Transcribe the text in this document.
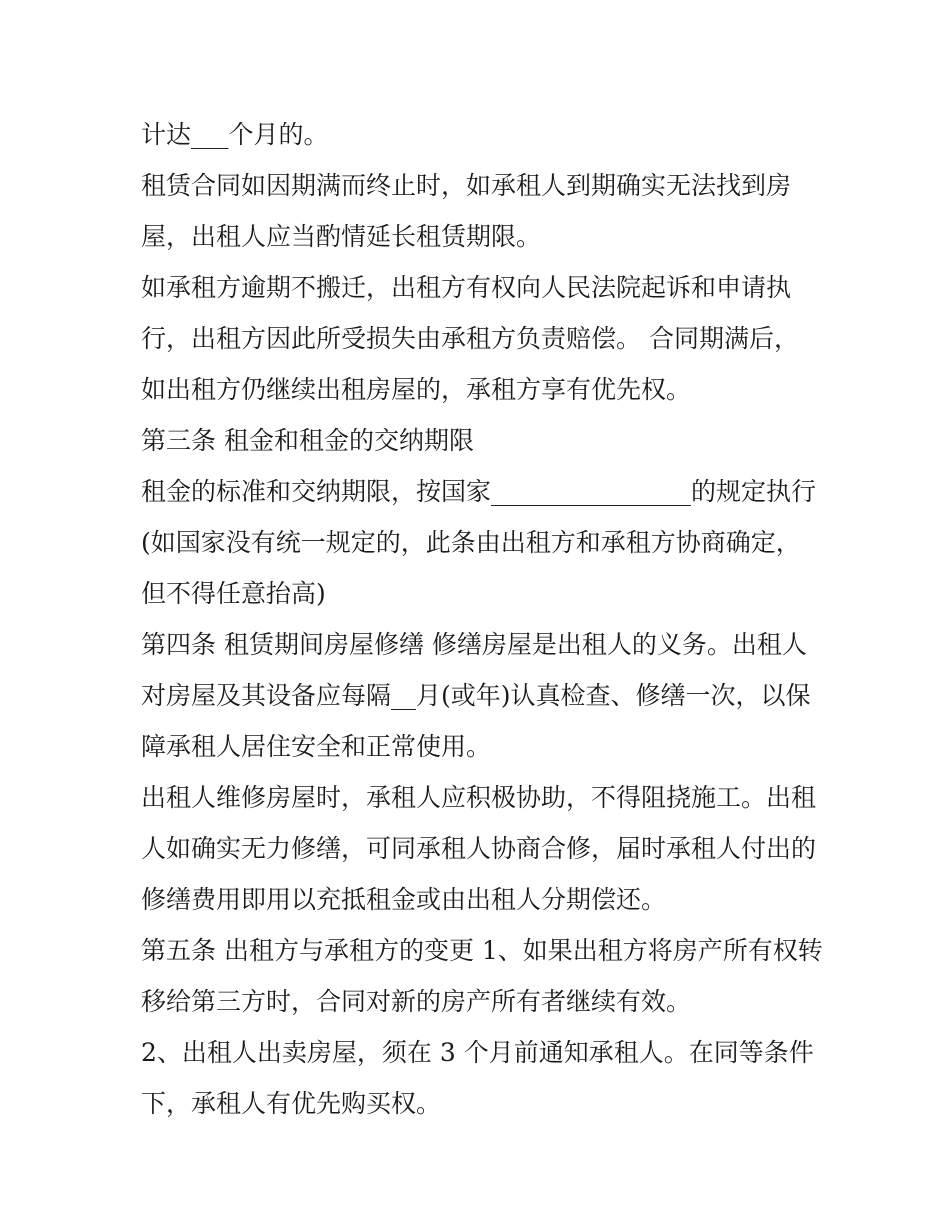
计达___个月的。
租赁合同如因期满而终止时，如承租人到期确实无法找到房
屋，出租人应当酌情延长租赁期限。
如承租方逾期不搬迁，出租方有权向人民法院起诉和申请执
行，出租方因此所受损失由承租方负责赔偿。 合同期满后，
如出租方仍继续出租房屋的，承租方享有优先权。
第三条 租金和租金的交纳期限
租金的标准和交纳期限，按国家________________的规定执行
(如国家没有统一规定的，此条由出租方和承租方协商确定，
但不得任意抬高)
第四条 租赁期间房屋修缮 修缮房屋是出租人的义务。出租人
对房屋及其设备应每隔__月(或年)认真检查、修缮一次，以保
障承租人居住安全和正常使用。
出租人维修房屋时，承租人应积极协助，不得阻挠施工。出租
人如确实无力修缮，可同承租人协商合修，届时承租人付出的
修缮费用即用以充抵租金或由出租人分期偿还。
第五条 出租方与承租方的变更 1、如果出租方将房产所有权转
移给第三方时，合同对新的房产所有者继续有效。
2、出租人出卖房屋，须在 3 个月前通知承租人。在同等条件
下，承租人有优先购买权。
